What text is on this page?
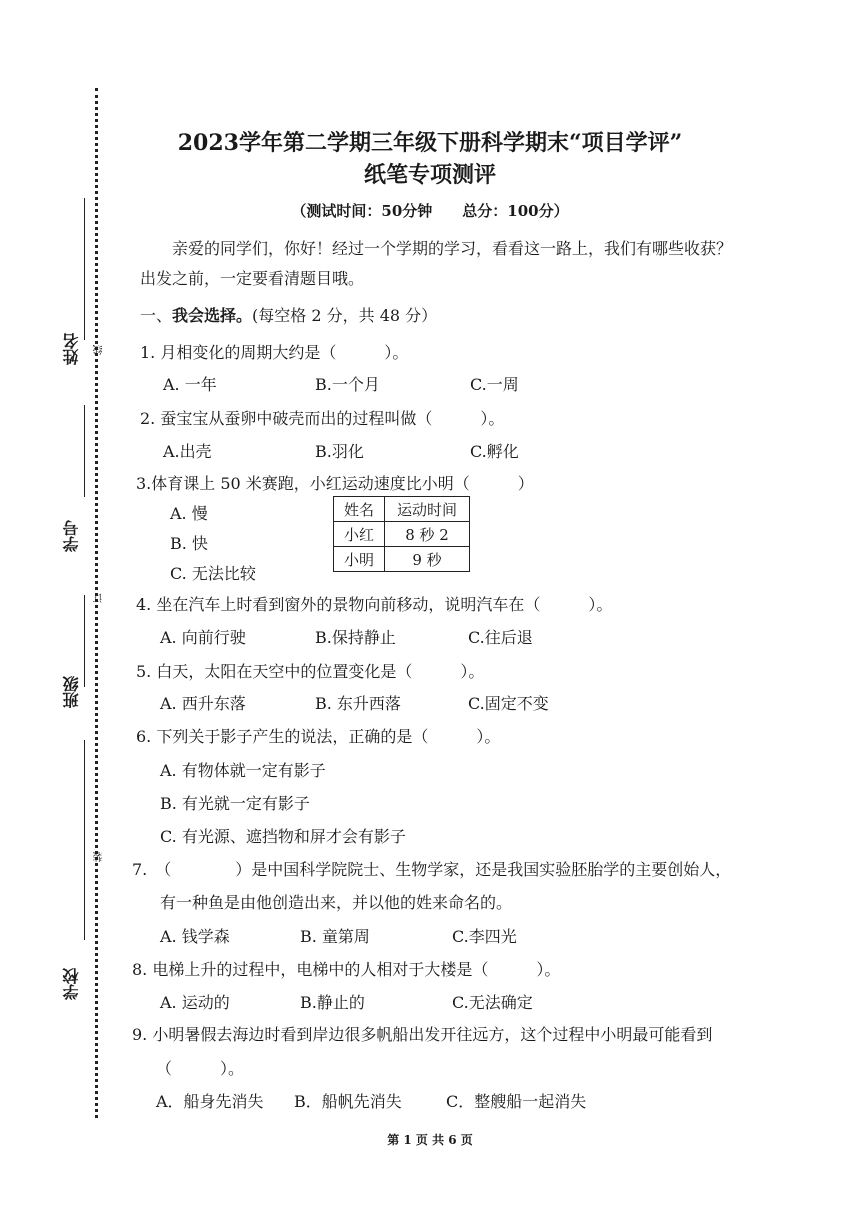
姓名 线
学号
订
班级
装
学校
2023学年第二学期三年级下册科学期末“项目学评”
纸笔专项测评
（测试时间：50分钟　　总分：100分）
亲爱的同学们，你好！经过一个学期的学习，看看这一路上，我们有哪些收获？
出发之前，一定要看清题目哦。
一、我会选择。(每空格 2 分，共 48 分）
1. 月相变化的周期大约是（　　　）。
A. 一年	B.一个月	C.一周
2. 蚕宝宝从蚕卵中破壳而出的过程叫做（　　　）。
A.出壳	B.羽化	C.孵化
3.体育课上 50 米赛跑，小红运动速度比小明（　　　）
A. 慢
B. 快
C. 无法比较
姓名	运动时间
小红	8 秒 2
小明	9 秒
4. 坐在汽车上时看到窗外的景物向前移动，说明汽车在（　　　）。
A. 向前行驶	B.保持静止	C.往后退
5. 白天，太阳在天空中的位置变化是（　　　）。
A. 西升东落	B. 东升西落	C.固定不变
6. 下列关于影子产生的说法，正确的是（　　　）。
A. 有物体就一定有影子
B. 有光就一定有影子
C. 有光源、遮挡物和屏才会有影子
7.　（　　　　）是中国科学院院士、生物学家，还是我国实验胚胎学的主要创始人，
有一种鱼是由他创造出来，并以他的姓来命名的。
A. 钱学森	B. 童第周	C.李四光
8. 电梯上升的过程中，电梯中的人相对于大楼是（　　　）。
A. 运动的	B.静止的	C.无法确定
9. 小明暑假去海边时看到岸边很多帆船出发开往远方，这个过程中小明最可能看到
（　　　）。
A．船身先消失 B．船帆先消失	C．整艘船一起消失
第 1 页 共 6 页
